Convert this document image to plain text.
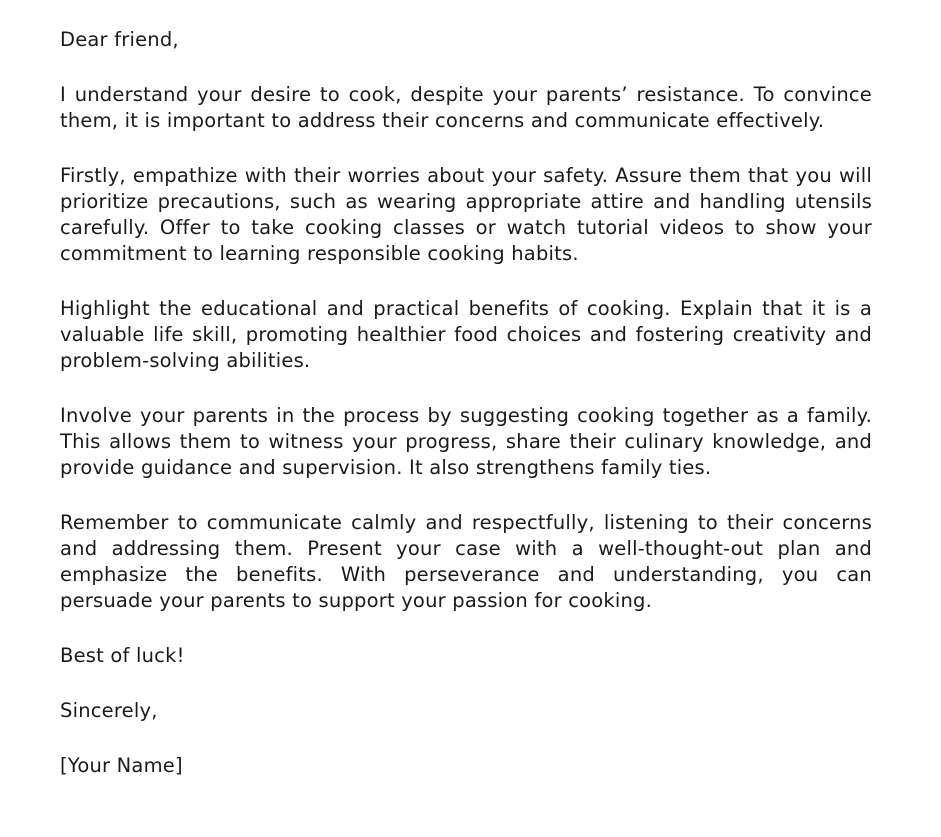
Dear friend,

I understand your desire to cook, despite your parents’ resistance. To convince them, it is important to address their concerns and communicate effectively.

Firstly, empathize with their worries about your safety. Assure them that you will prioritize precautions, such as wearing appropriate attire and handling utensils carefully. Offer to take cooking classes or watch tutorial videos to show your commitment to learning responsible cooking habits.

Highlight the educational and practical benefits of cooking. Explain that it is a valuable life skill, promoting healthier food choices and fostering creativity and problem-solving abilities.

Involve your parents in the process by suggesting cooking together as a family. This allows them to witness your progress, share their culinary knowledge, and provide guidance and supervision. It also strengthens family ties.

Remember to communicate calmly and respectfully, listening to their concerns and addressing them. Present your case with a well-thought-out plan and emphasize the benefits. With perseverance and understanding, you can persuade your parents to support your passion for cooking.

Best of luck!

Sincerely,

[Your Name]
